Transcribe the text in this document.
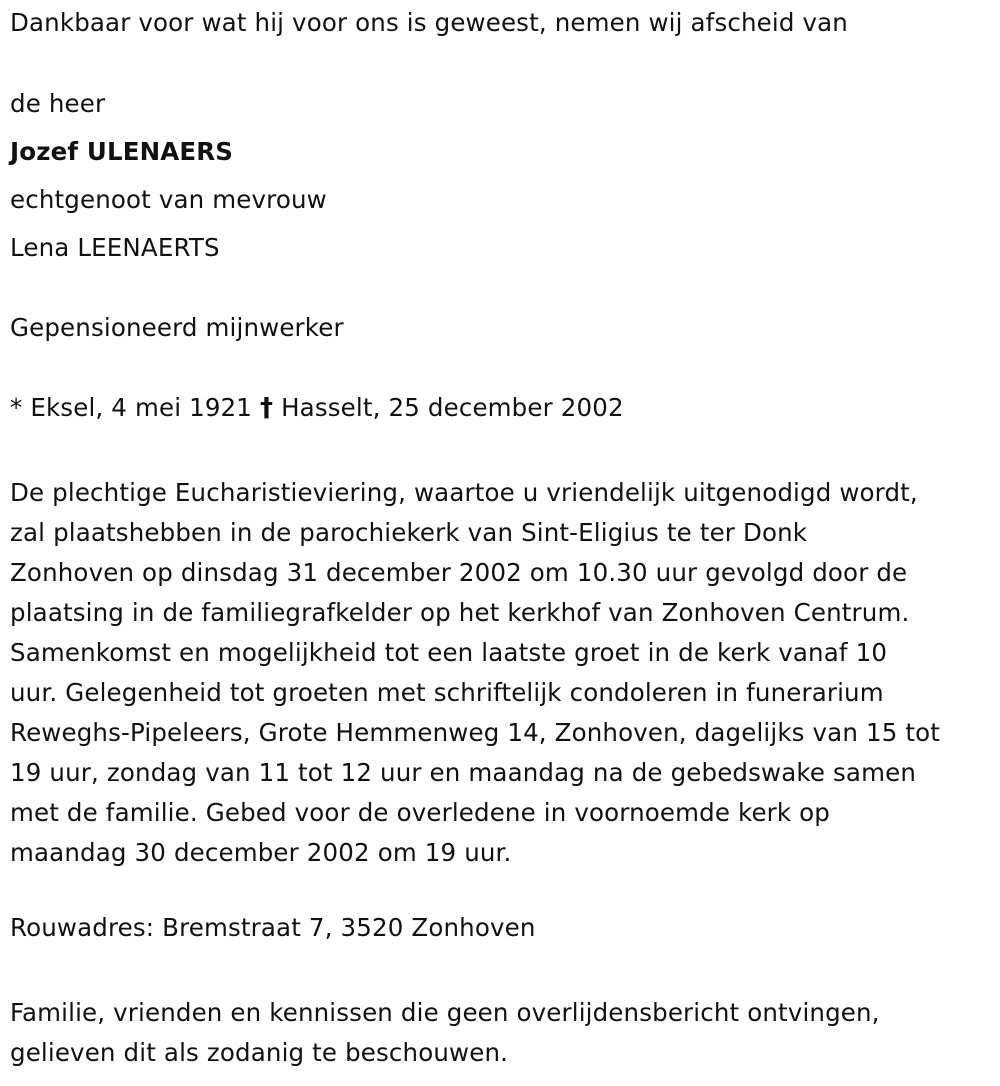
Dankbaar voor wat hij voor ons is geweest, nemen wij afscheid van
de heer
Jozef ULENAERS
echtgenoot van mevrouw
Lena LEENAERTS
Gepensioneerd mijnwerker
* Eksel, 4 mei 1921 † Hasselt, 25 december 2002
De plechtige Eucharistieviering, waartoe u vriendelijk uitgenodigd wordt,
zal plaatshebben in de parochiekerk van Sint-Eligius te ter Donk
Zonhoven op dinsdag 31 december 2002 om 10.30 uur gevolgd door de
plaatsing in de familiegrafkelder op het kerkhof van Zonhoven Centrum.
Samenkomst en mogelijkheid tot een laatste groet in de kerk vanaf 10
uur. Gelegenheid tot groeten met schriftelijk condoleren in funerarium
Reweghs-Pipeleers, Grote Hemmenweg 14, Zonhoven, dagelijks van 15 tot
19 uur, zondag van 11 tot 12 uur en maandag na de gebedswake samen
met de familie. Gebed voor de overledene in voornoemde kerk op
maandag 30 december 2002 om 19 uur.
Rouwadres: Bremstraat 7, 3520 Zonhoven
Familie, vrienden en kennissen die geen overlijdensbericht ontvingen,
gelieven dit als zodanig te beschouwen.
